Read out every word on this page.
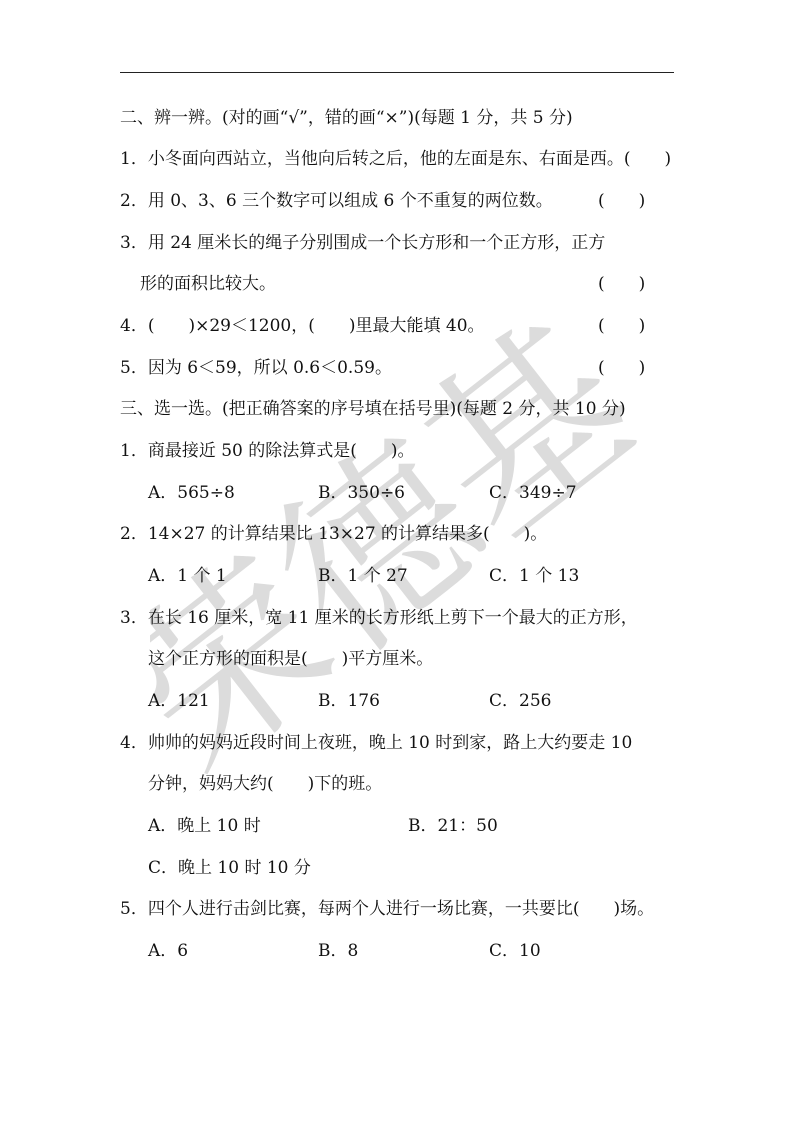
荣德基
二、辨一辨。(对的画“√”，错的画“×”)(每题 1 分，共 5 分)
1．小冬面向西站立，当他向后转之后，他的左面是东、右面是西。(　　)
2．用 0、3、6 三个数字可以组成 6 个不重复的两位数。	(　　)
3．用 24 厘米长的绳子分别围成一个长方形和一个正方形，正方
形的面积比较大。	(　　)
4．(　　)×29＜1200，(　　)里最大能填 40。	(　　)
5．因为 6＜59，所以 0.6＜0.59。	(　　)
三、选一选。(把正确答案的序号填在括号里)(每题 2 分，共 10 分)
1．商最接近 50 的除法算式是(　　)。
A．565÷8	B．350÷6	C．349÷7
2．14×27 的计算结果比 13×27 的计算结果多(　　)。
A．1 个 1	B．1 个 27	C．1 个 13
3．在长 16 厘米，宽 11 厘米的长方形纸上剪下一个最大的正方形，
这个正方形的面积是(　　)平方厘米。
A．121	B．176	C．256
4．帅帅的妈妈近段时间上夜班，晚上 10 时到家，路上大约要走 10
分钟，妈妈大约(　　)下的班。
A．晚上 10 时	B．21：50
C．晚上 10 时 10 分
5．四个人进行击剑比赛，每两个人进行一场比赛，一共要比(　　)场。
A．6	B．8	C．10
